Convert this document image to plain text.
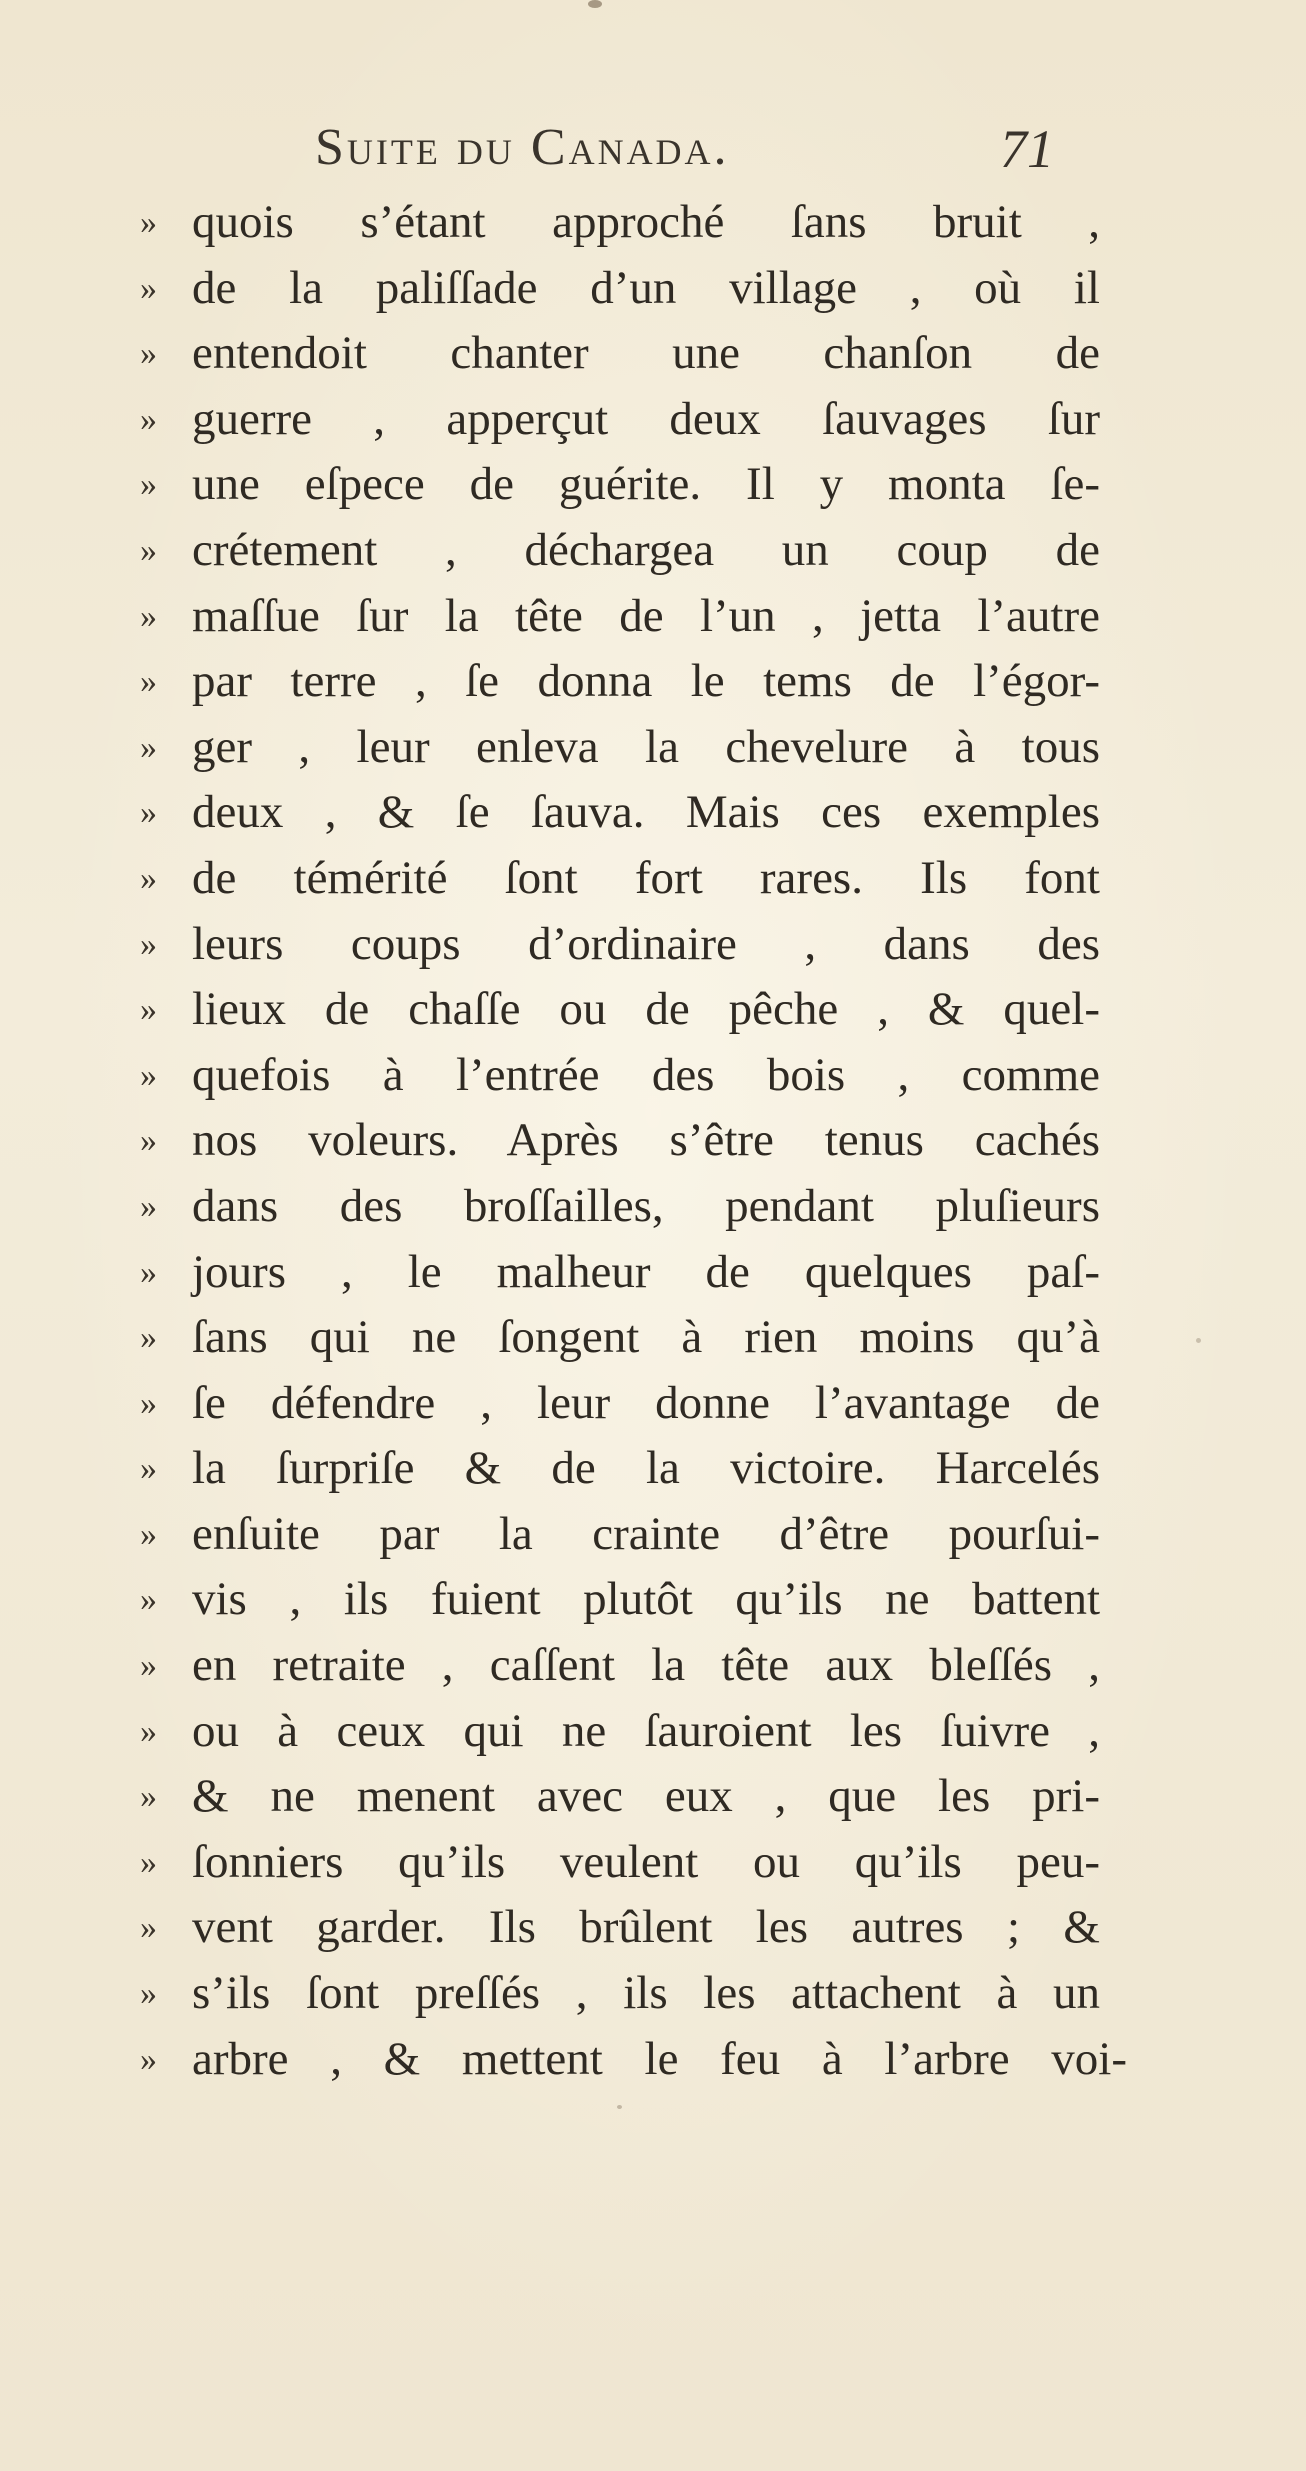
Suite du Canada.	71
» quois s’étant approché ſans bruit ,
» de la paliſſade d’un village , où il
» entendoit chanter une chanſon de
» guerre , apperçut deux ſauvages ſur
» une eſpece de guérite. Il y monta ſe-
» crétement , déchargea un coup de
» maſſue ſur la tête de l’un , jetta l’autre
» par terre , ſe donna le tems de l’égor-
» ger , leur enleva la chevelure à tous
» deux , & ſe ſauva. Mais ces exemples
» de témérité ſont fort rares. Ils font
» leurs coups d’ordinaire , dans des
» lieux de chaſſe ou de pêche , & quel-
» quefois à l’entrée des bois , comme
» nos voleurs. Après s’être tenus cachés
» dans des broſſailles, pendant pluſieurs
» jours , le malheur de quelques paſ-
» ſans qui ne ſongent à rien moins qu’à
» ſe défendre , leur donne l’avantage de
» la ſurpriſe & de la victoire. Harcelés
» enſuite par la crainte d’être pourſui-
» vis , ils fuient plutôt qu’ils ne battent
» en retraite , caſſent la tête aux bleſſés ,
» ou à ceux qui ne ſauroient les ſuivre ,
» & ne menent avec eux , que les pri-
» ſonniers qu’ils veulent ou qu’ils peu-
» vent garder. Ils brûlent les autres ; &
» s’ils ſont preſſés , ils les attachent à un
» arbre , & mettent le feu à l’arbre voi-
